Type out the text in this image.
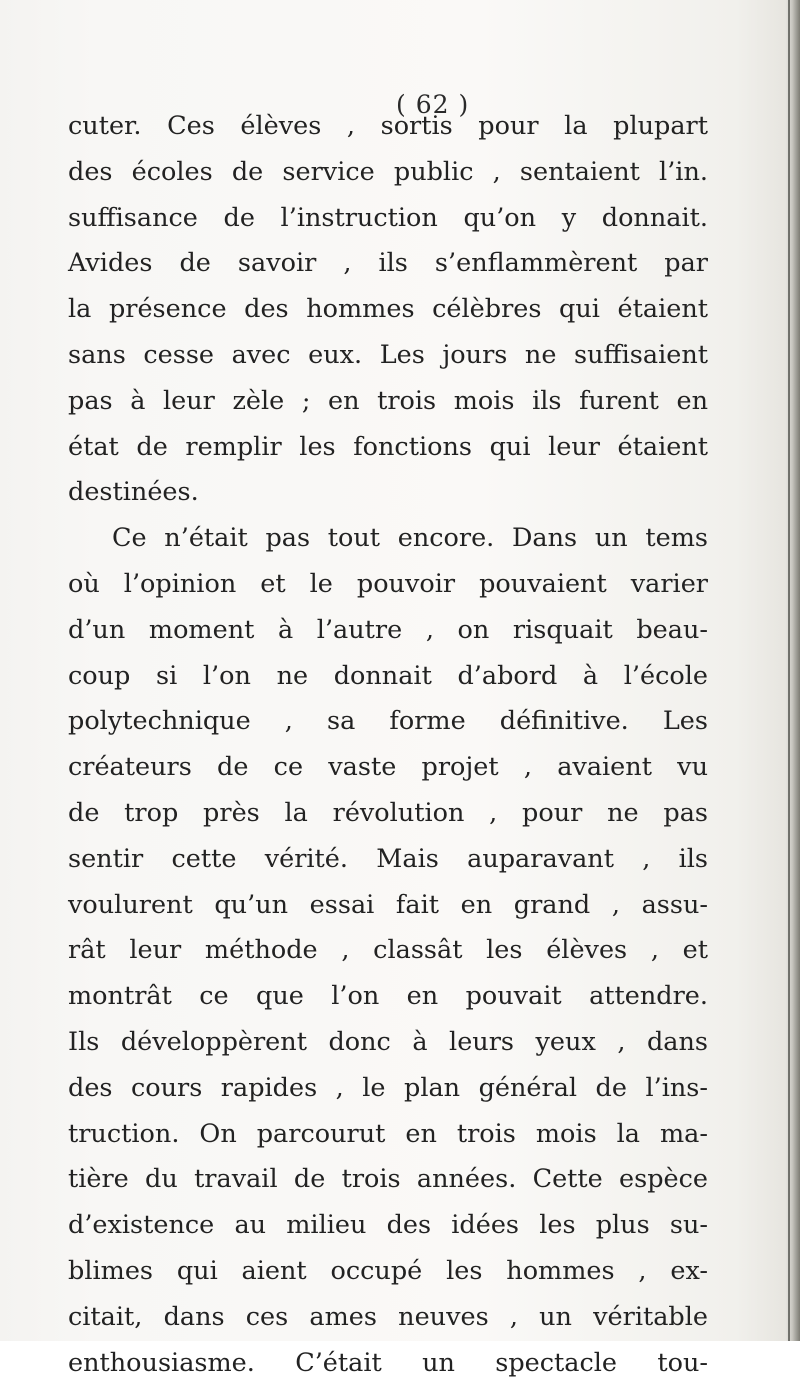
( 62 )
cuter. Ces élèves , sortis pour la plupart
des écoles de service public , sentaient l’in.
suffisance de l’instruction qu’on y donnait.
Avides de savoir , ils s’enflammèrent par
la présence des hommes célèbres qui étaient
sans cesse avec eux. Les jours ne suffisaient
pas à leur zèle ; en trois mois ils furent en
état de remplir les fonctions qui leur étaient
destinées.
Ce n’était pas tout encore. Dans un tems
où l’opinion et le pouvoir pouvaient varier
d’un moment à l’autre , on risquait beau-
coup si l’on ne donnait d’abord à l’école
polytechnique , sa forme définitive. Les
créateurs de ce vaste projet , avaient vu
de trop près la révolution , pour ne pas
sentir cette vérité. Mais auparavant , ils
voulurent qu’un essai fait en grand , assu-
rât leur méthode , classât les élèves , et
montrât ce que l’on en pouvait attendre.
Ils développèrent donc à leurs yeux , dans
des cours rapides , le plan général de l’ins-
truction. On parcourut en trois mois la ma-
tière du travail de trois années. Cette espèce
d’existence au milieu des idées les plus su-
blimes qui aient occupé les hommes , ex-
citait, dans ces ames neuves , un véritable
enthousiasme. C’était un spectacle tou-
